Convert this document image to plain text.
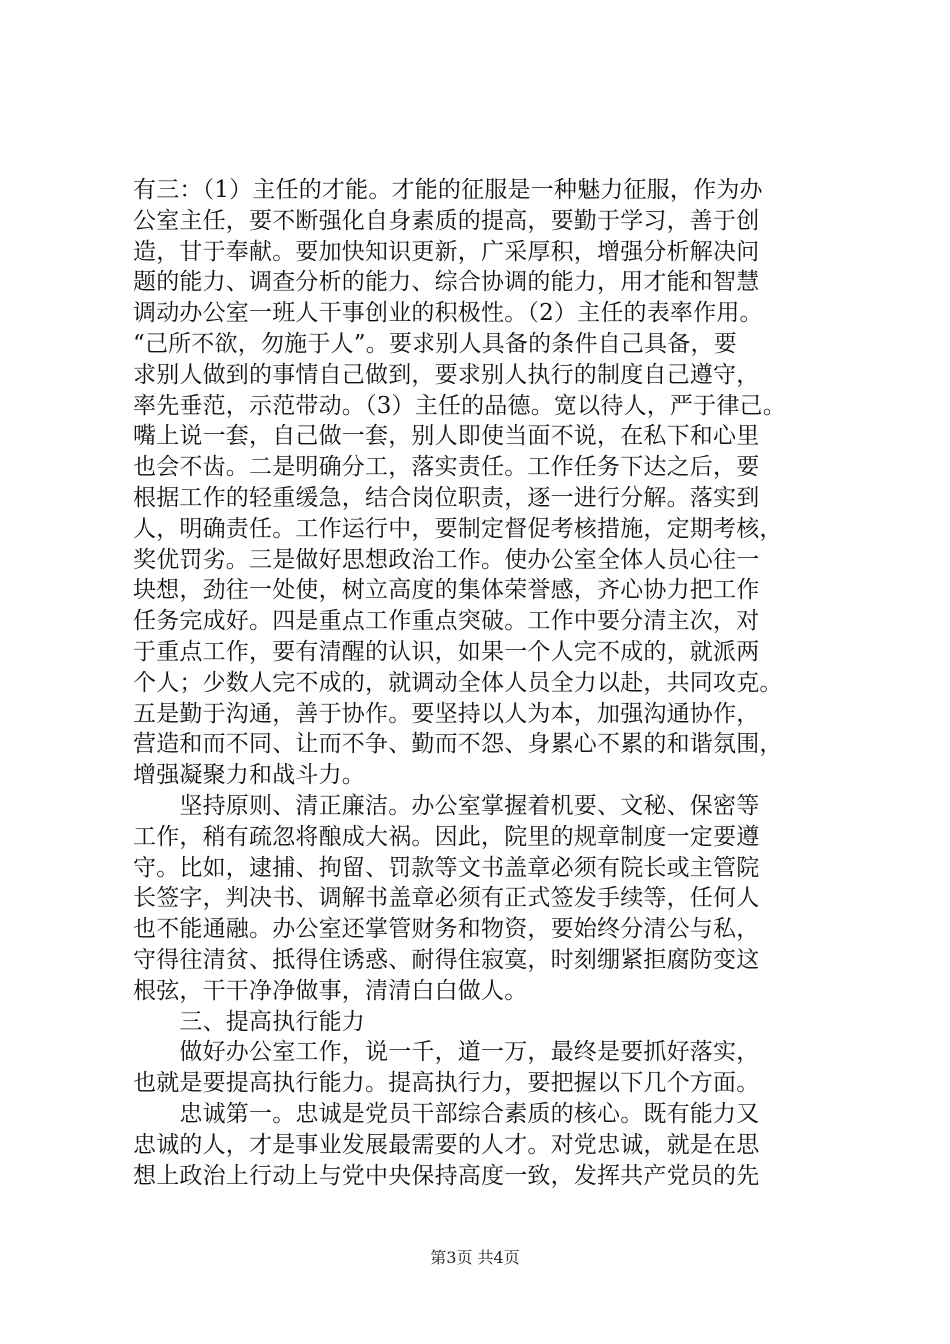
有三：（1）主任的才能。才能的征服是一种魅力征服，作为办
公室主任，要不断强化自身素质的提高，要勤于学习，善于创
造，甘于奉献。要加快知识更新，广采厚积，增强分析解决问
题的能力、调查分析的能力、综合协调的能力，用才能和智慧
调动办公室一班人干事创业的积极性。（2）主任的表率作用。
“己所不欲，勿施于人”。要求别人具备的条件自己具备，要
求别人做到的事情自己做到，要求别人执行的制度自己遵守，
率先垂范，示范带动。（3）主任的品德。宽以待人，严于律己。
嘴上说一套，自己做一套，别人即使当面不说，在私下和心里
也会不齿。二是明确分工，落实责任。工作任务下达之后，要
根据工作的轻重缓急，结合岗位职责，逐一进行分解。落实到
人，明确责任。工作运行中，要制定督促考核措施，定期考核，
奖优罚劣。三是做好思想政治工作。使办公室全体人员心往一
块想，劲往一处使，树立高度的集体荣誉感，齐心协力把工作
任务完成好。四是重点工作重点突破。工作中要分清主次，对
于重点工作，要有清醒的认识，如果一个人完不成的，就派两
个人；少数人完不成的，就调动全体人员全力以赴，共同攻克。
五是勤于沟通，善于协作。要坚持以人为本，加强沟通协作，
营造和而不同、让而不争、勤而不怨、身累心不累的和谐氛围，
增强凝聚力和战斗力。
　　坚持原则、清正廉洁。办公室掌握着机要、文秘、保密等
工作，稍有疏忽将酿成大祸。因此，院里的规章制度一定要遵
守。比如，逮捕、拘留、罚款等文书盖章必须有院长或主管院
长签字，判决书、调解书盖章必须有正式签发手续等，任何人
也不能通融。办公室还掌管财务和物资，要始终分清公与私，
守得往清贫、抵得住诱惑、耐得住寂寞，时刻绷紧拒腐防变这
根弦，干干净净做事，清清白白做人。
　　三、提高执行能力
　　做好办公室工作，说一千，道一万，最终是要抓好落实，
也就是要提高执行能力。提高执行力，要把握以下几个方面。
　　忠诚第一。忠诚是党员干部综合素质的核心。既有能力又
忠诚的人，才是事业发展最需要的人才。对党忠诚，就是在思
想上政治上行动上与党中央保持高度一致，发挥共产党员的先
第3页 共4页
